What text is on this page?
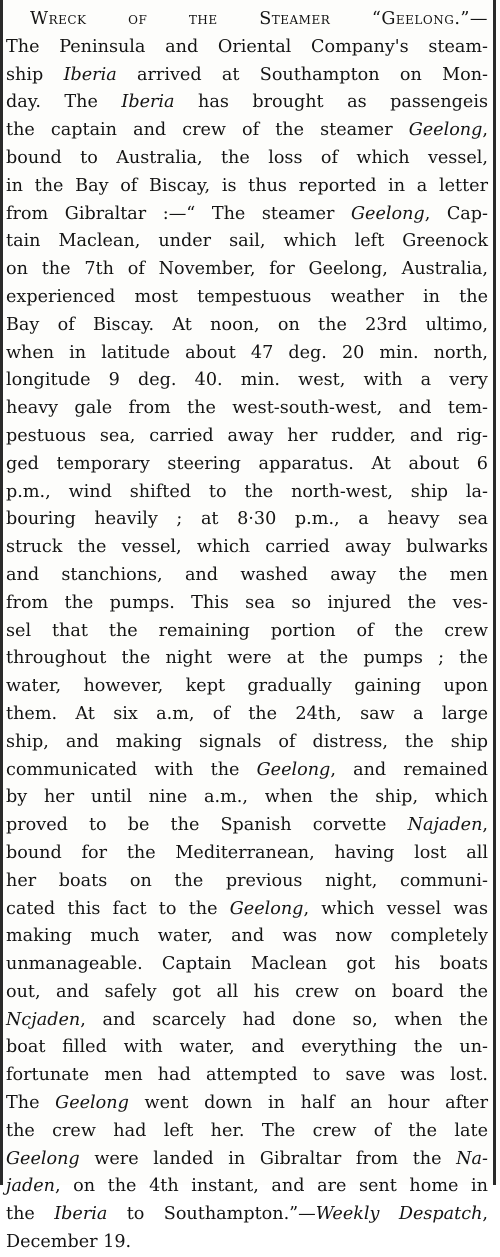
Wreck of the Steamer “Geelong.”—
The Peninsula and Oriental Company's steam-
ship Iberia arrived at Southampton on Mon-
day. The Iberia has brought as passengeis
the captain and crew of the steamer Geelong,
bound to Australia, the loss of which vessel,
in the Bay of Biscay, is thus reported in a letter
from Gibraltar :—“ The steamer Geelong, Cap-
tain Maclean, under sail, which left Greenock
on the 7th of November, for Geelong, Australia,
experienced most tempestuous weather in the
Bay of Biscay. At noon, on the 23rd ultimo,
when in latitude about 47 deg. 20 min. north,
longitude 9 deg. 40. min. west, with a very
heavy gale from the west-south-west, and tem-
pestuous sea, carried away her rudder, and rig-
ged temporary steering apparatus. At about 6
p.m., wind shifted to the north-west, ship la-
bouring heavily ; at 8·30 p.m., a heavy sea
struck the vessel, which carried away bulwarks
and stanchions, and washed away the men
from the pumps. This sea so injured the ves-
sel that the remaining portion of the crew
throughout the night were at the pumps ; the
water, however, kept gradually gaining upon
them. At six a.m, of the 24th, saw a large
ship, and making signals of distress, the ship
communicated with the Geelong, and remained
by her until nine a.m., when the ship, which
proved to be the Spanish corvette Najaden,
bound for the Mediterranean, having lost all
her boats on the previous night, communi-
cated this fact to the Geelong, which vessel was
making much water, and was now completely
unmanageable. Captain Maclean got his boats
out, and safely got all his crew on board the
Ncjaden, and scarcely had done so, when the
boat filled with water, and everything the un-
fortunate men had attempted to save was lost.
The Geelong went down in half an hour after
the crew had left her. The crew of the late
Geelong were landed in Gibraltar from the Na-
jaden, on the 4th instant, and are sent home in
the Iberia to Southampton.”—Weekly Despatch,
December 19.
